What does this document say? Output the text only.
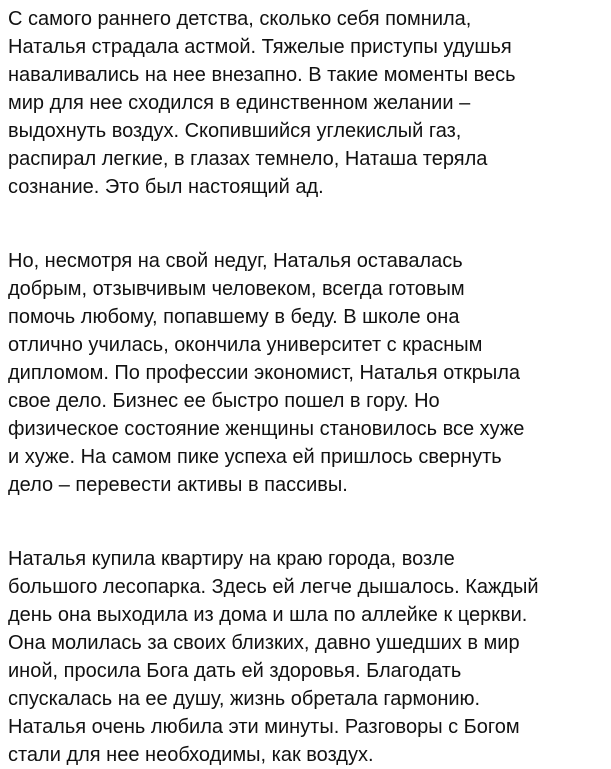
С самого раннего детства, сколько себя помнила,
Наталья страдала астмой. Тяжелые приступы удушья
наваливались на нее внезапно. В такие моменты весь
мир для нее сходился в единственном желании –
выдохнуть воздух. Скопившийся углекислый газ,
распирал легкие, в глазах темнело, Наташа теряла
сознание. Это был настоящий ад.

Но, несмотря на свой недуг, Наталья оставалась
добрым, отзывчивым человеком, всегда готовым
помочь любому, попавшему в беду. В школе она
отлично училась, окончила университет с красным
дипломом. По профессии экономист, Наталья открыла
свое дело. Бизнес ее быстро пошел в гору. Но
физическое состояние женщины становилось все хуже
и хуже. На самом пике успеха ей пришлось свернуть
дело – перевести активы в пассивы.

Наталья купила квартиру на краю города, возле
большого лесопарка. Здесь ей легче дышалось. Каждый
день она выходила из дома и шла по аллейке к церкви.
Она молилась за своих близких, давно ушедших в мир
иной, просила Бога дать ей здоровья. Благодать
спускалась на ее душу, жизнь обретала гармонию.
Наталья очень любила эти минуты. Разговоры с Богом
стали для нее необходимы, как воздух.
